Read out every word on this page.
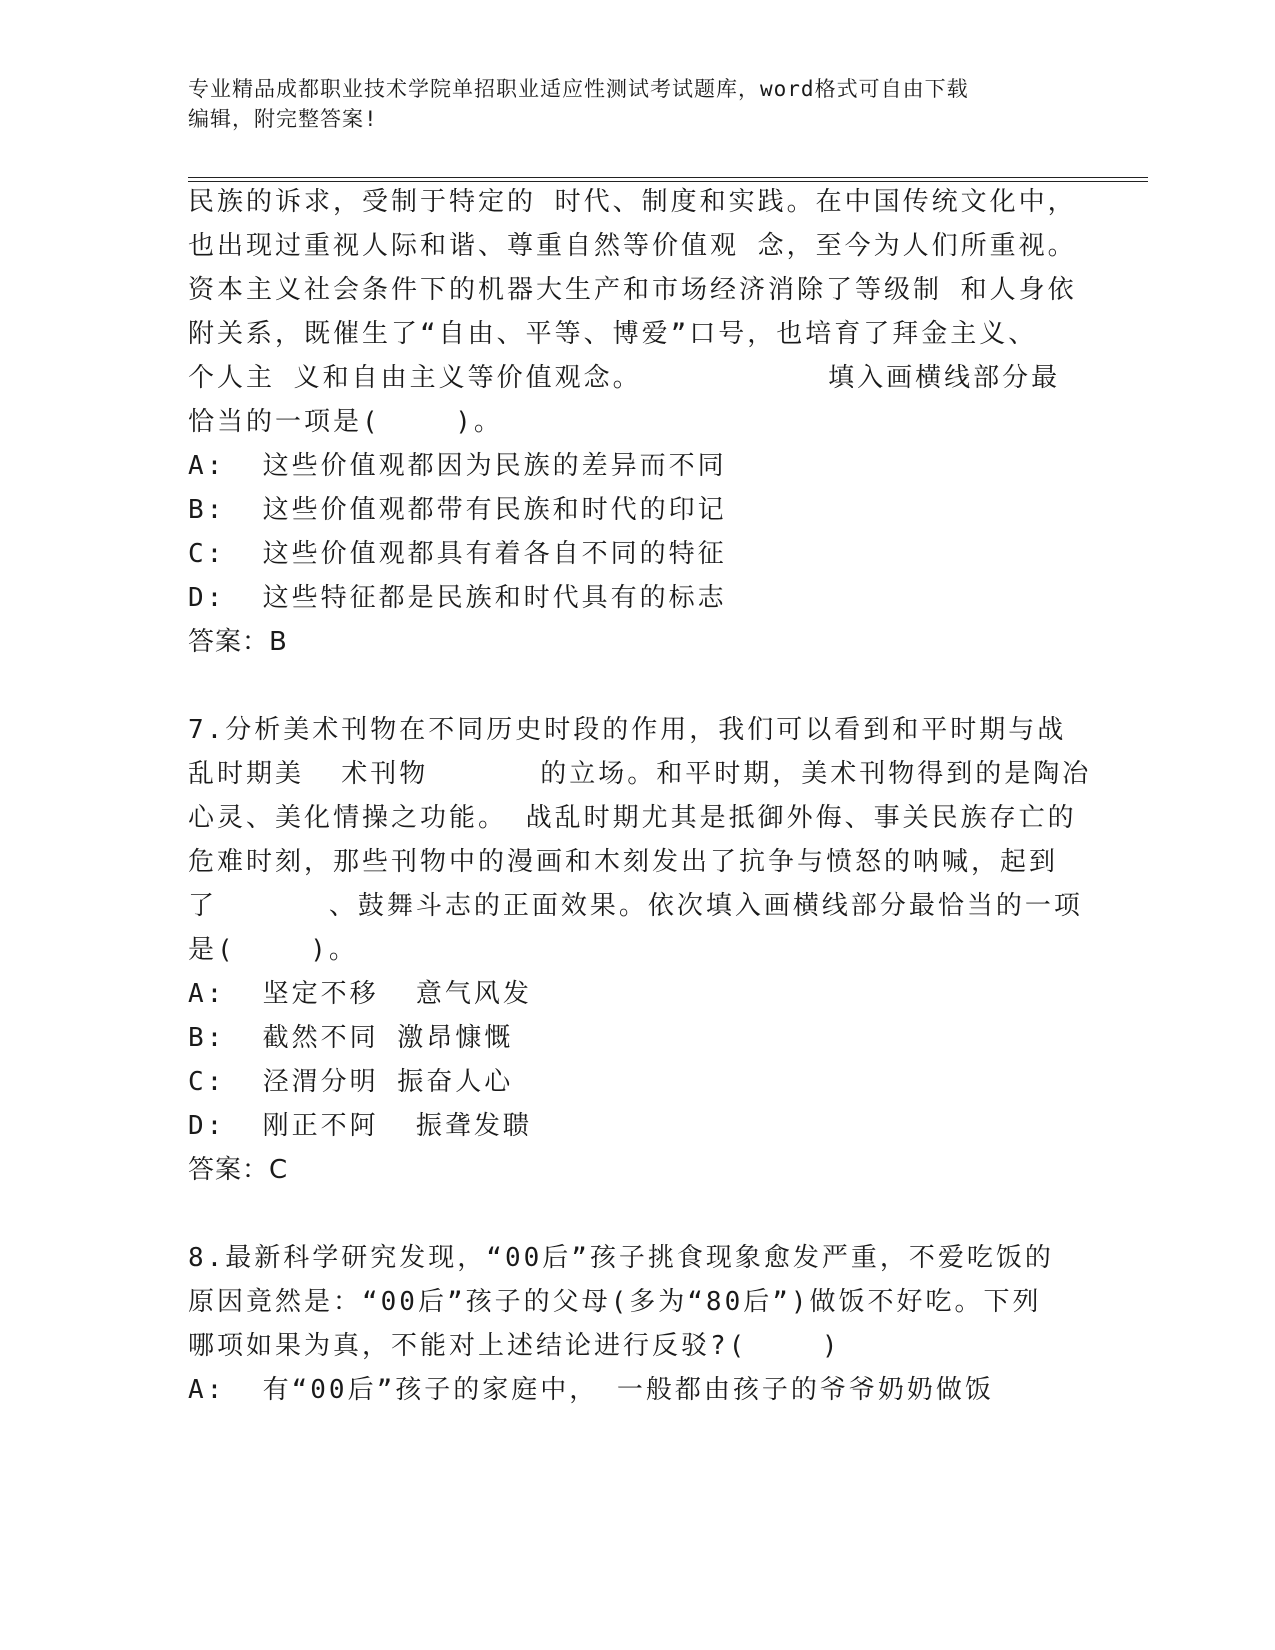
专业精品成都职业技术学院单招职业适应性测试考试题库，word格式可自由下载
编辑，附完整答案!
民族的诉求，受制于特定的 时代、制度和实践。在中国传统文化中，
也出现过重视人际和谐、尊重自然等价值观 念，至今为人们所重视。
资本主义社会条件下的机器大生产和市场经济消除了等级制 和人身依
附关系，既催生了“自由、平等、博爱”口号，也培育了拜金主义、
个人主 义和自由主义等价值观念。          填入画横线部分最
恰当的一项是(    )。
A:  这些价值观都因为民族的差异而不同
B:  这些价值观都带有民族和时代的印记
C:  这些价值观都具有着各自不同的特征
D:  这些特征都是民族和时代具有的标志
答案：B
7.分析美术刊物在不同历史时段的作用，我们可以看到和平时期与战
乱时期美  术刊物      的立场。和平时期，美术刊物得到的是陶冶
心灵、美化情操之功能。 战乱时期尤其是抵御外侮、事关民族存亡的
危难时刻，那些刊物中的漫画和木刻发出了抗争与愤怒的呐喊，起到
了      、鼓舞斗志的正面效果。依次填入画横线部分最恰当的一项
是(    )。
A:  坚定不移  意气风发
B:  截然不同 激昂慷慨
C:  泾渭分明 振奋人心
D:  刚正不阿  振聋发聩
答案：C
8.最新科学研究发现，“00后”孩子挑食现象愈发严重，不爱吃饭的
原因竟然是：“00后”孩子的父母(多为“80后”)做饭不好吃。下列
哪项如果为真，不能对上述结论进行反驳?(    )
A:  有“00后”孩子的家庭中， 一般都由孩子的爷爷奶奶做饭
